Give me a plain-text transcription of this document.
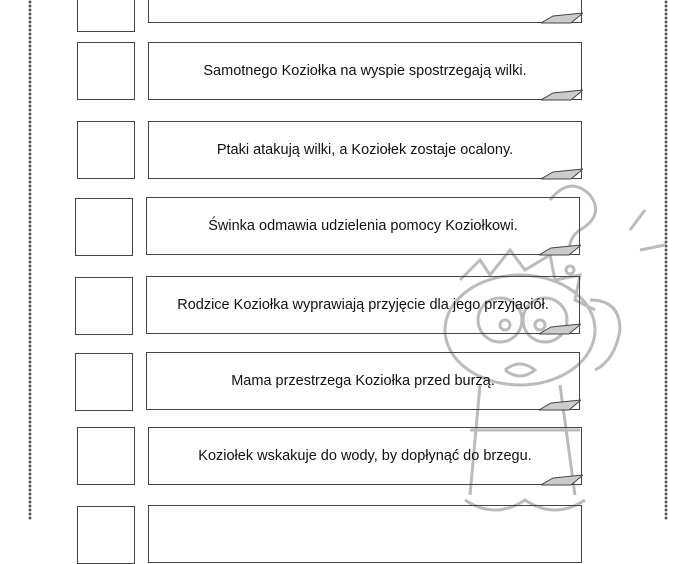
Samotnego Koziołka na wyspie spostrzegają wilki.
Ptaki atakują wilki, a Koziołek zostaje ocalony.
Świnka odmawia udzielenia pomocy Koziołkowi.
Rodzice Koziołka wyprawiają przyjęcie dla jego przyjaciół.
Mama przestrzega Koziołka przed burzą.
Koziołek wskakuje do wody, by dopłynąć do brzegu.
